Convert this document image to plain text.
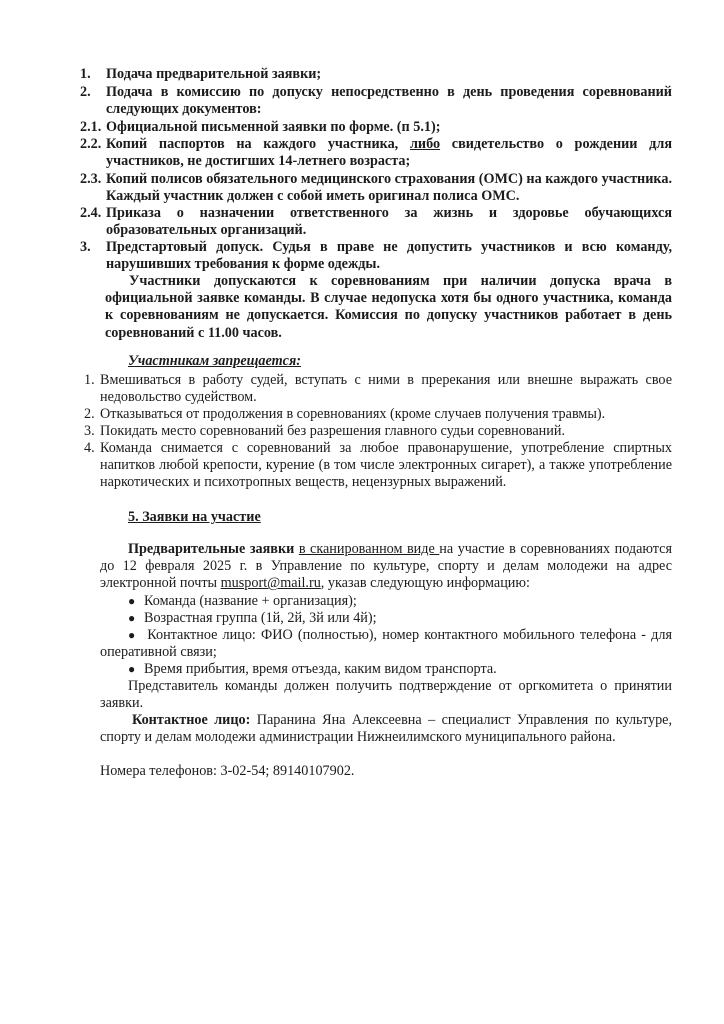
1. Подача предварительной заявки;
2. Подача в комиссию по допуску непосредственно в день проведения соревнований следующих документов:
2.1. Официальной письменной заявки по форме. (п 5.1);
2.2. Копий паспортов на каждого участника, либо свидетельство о рождении для участников, не достигших 14-летнего возраста;
2.3. Копий полисов обязательного медицинского страхования (ОМС) на каждого участника. Каждый участник должен с собой иметь оригинал полиса ОМС.
2.4. Приказа о назначении ответственного за жизнь и здоровье обучающихся образовательных организаций.
3. Предстартовый допуск. Судья в праве не допустить участников и всю команду, нарушивших требования к форме одежды.
Участники допускаются к соревнованиям при наличии допуска врача в официальной заявке команды. В случае недопуска хотя бы одного участника, команда к соревнованиям не допускается. Комиссия по допуску участников работает в день соревнований с 11.00 часов.
Участникам запрещается:
1. Вмешиваться в работу судей, вступать с ними в пререкания или внешне выражать свое недовольство судейством.
2. Отказываться от продолжения в соревнованиях (кроме случаев получения травмы).
3. Покидать место соревнований без разрешения главного судьи соревнований.
4. Команда снимается с соревнований за любое правонарушение, употребление спиртных напитков любой крепости, курение (в том числе электронных сигарет), а также употребление наркотических и психотропных веществ, нецензурных выражений.
5. Заявки на участие
Предварительные заявки в сканированном виде на участие в соревнованиях подаются до 12 февраля 2025 г. в Управление по культуре, спорту и делам молодежи на адрес электронной почты musport@mail.ru, указав следующую информацию:
● Команда (название + организация);
● Возрастная группа (1й, 2й, 3й или 4й);
● Контактное лицо: ФИО (полностью), номер контактного мобильного телефона - для оперативной связи;
● Время прибытия, время отъезда, каким видом транспорта.
Представитель команды должен получить подтверждение от оргкомитета о принятии заявки.
Контактное лицо: Паранина Яна Алексеевна – специалист Управления по культуре, спорту и делам молодежи администрации Нижнеилимского муниципального района.
Номера телефонов: 3-02-54; 89140107902.
